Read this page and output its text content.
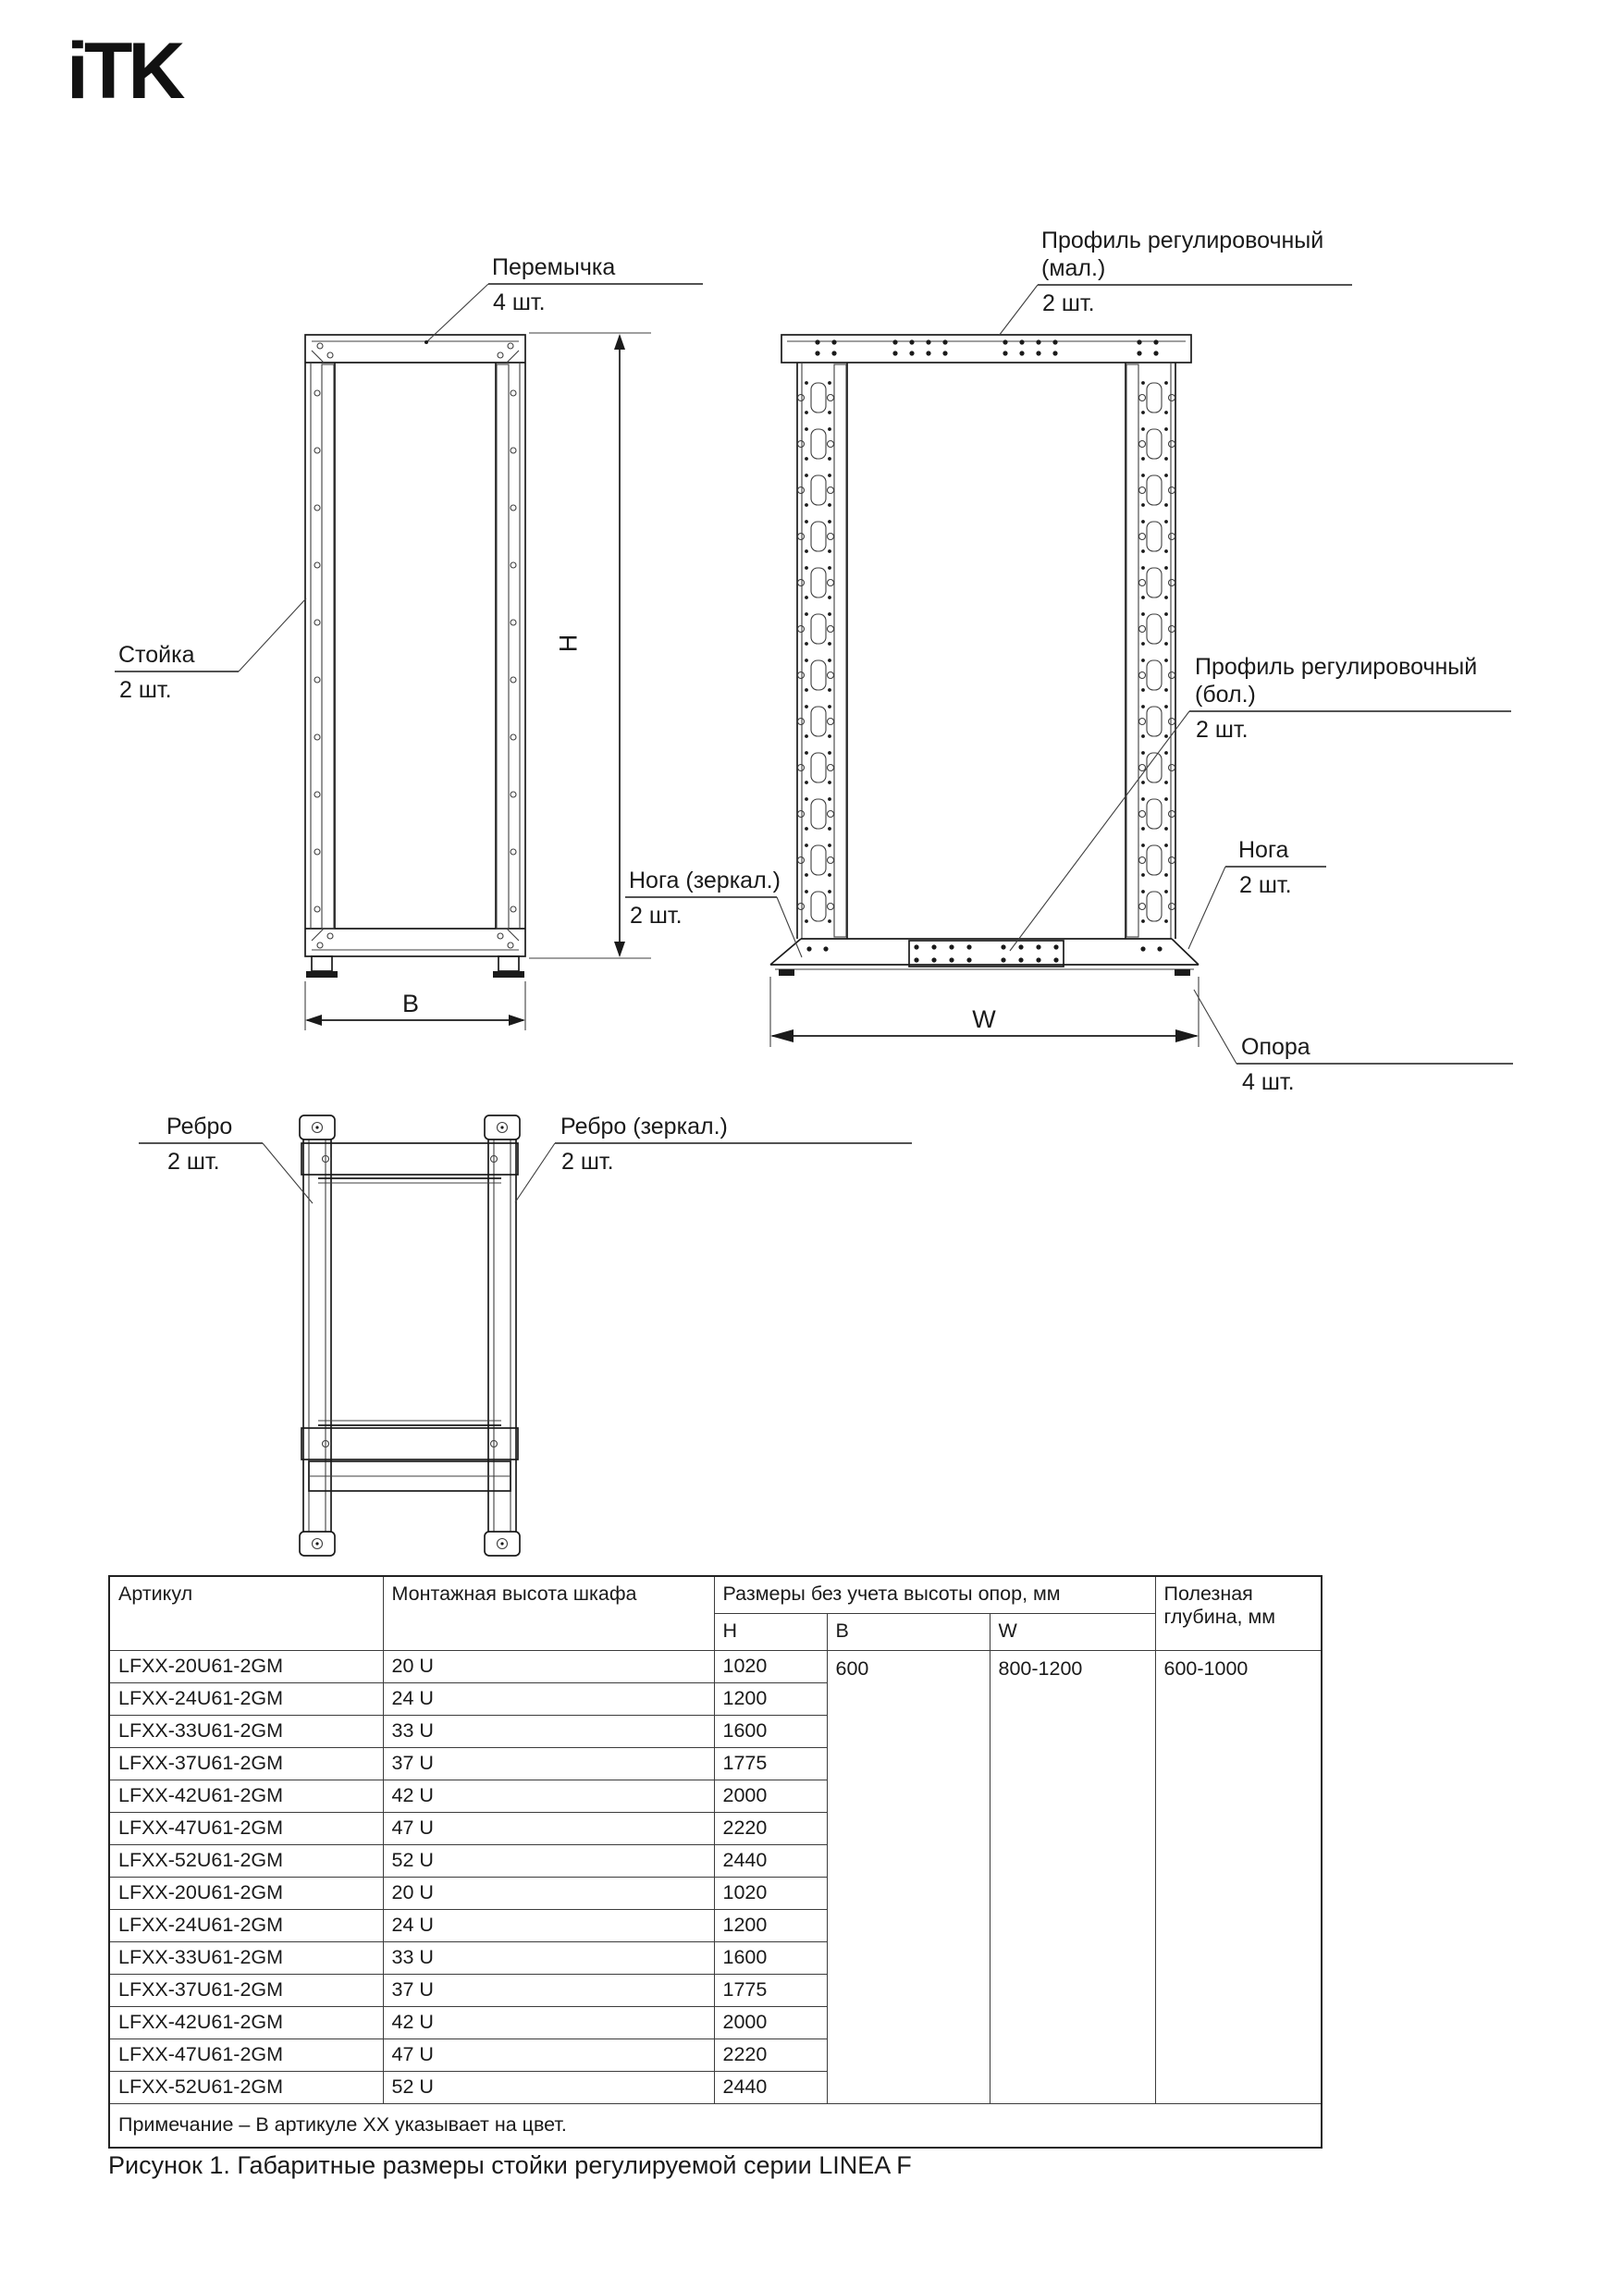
iTK
Перемычка
4 шт.
Профиль регулировочный (мал.)
2 шт.
Стойка
2 шт.
Нога (зеркал.)
2 шт.
Профиль регулировочный (бол.)
2 шт.
Нога
2 шт.
Опора
4 шт.
Ребро
2 шт.
Ребро (зеркал.)
2 шт.
H
B
W
Артикул	Монтажная высота шкафа	Размеры без учета высоты опор, мм			Полезная глубина, мм
		H	B	W	
LFXX-20U61-2GM	20 U	1020	600	800-1200	600-1000
LFXX-24U61-2GM	24 U	1200			
LFXX-33U61-2GM	33 U	1600			
LFXX-37U61-2GM	37 U	1775			
LFXX-42U61-2GM	42 U	2000			
LFXX-47U61-2GM	47 U	2220			
LFXX-52U61-2GM	52 U	2440			
LFXX-20U61-2GM	20 U	1020			
LFXX-24U61-2GM	24 U	1200			
LFXX-33U61-2GM	33 U	1600			
LFXX-37U61-2GM	37 U	1775			
LFXX-42U61-2GM	42 U	2000			
LFXX-47U61-2GM	47 U	2220			
LFXX-52U61-2GM	52 U	2440			
Примечание – В артикуле XX указывает на цвет.					
Рисунок 1. Габаритные размеры стойки регулируемой серии LINEA F
